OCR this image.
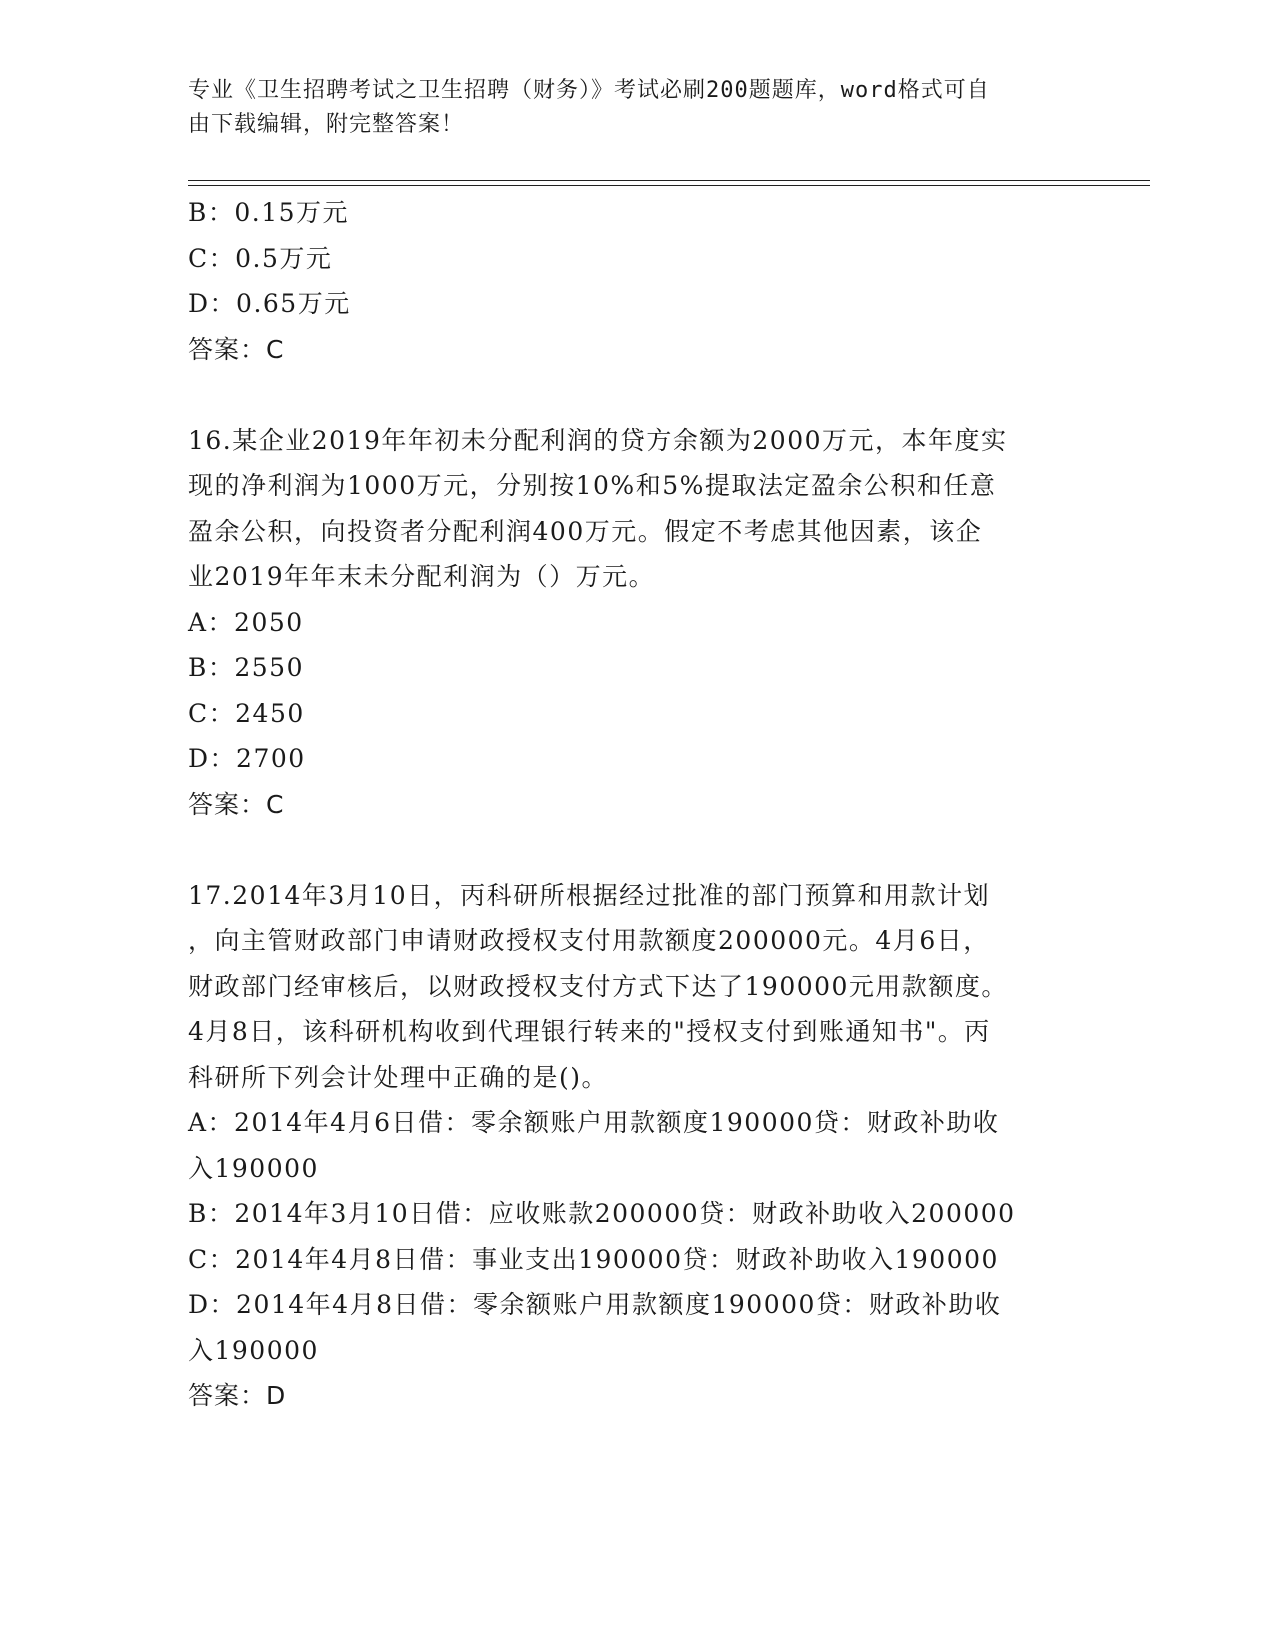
专业《卫生招聘考试之卫生招聘（财务）》考试必刷200题题库，word格式可自
由下载编辑，附完整答案！
B：0.15万元
C：0.5万元
D：0.65万元
答案：C
16.某企业2019年年初未分配利润的贷方余额为2000万元，本年度实
现的净利润为1000万元，分别按10%和5%提取法定盈余公积和任意
盈余公积，向投资者分配利润400万元。假定不考虑其他因素，该企
业2019年年末未分配利润为（）万元。
A：2050
B：2550
C：2450
D：2700
答案：C
17.2014年3月10日，丙科研所根据经过批准的部门预算和用款计划
，向主管财政部门申请财政授权支付用款额度200000元。4月6日，
财政部门经审核后，以财政授权支付方式下达了190000元用款额度。
4月8日，该科研机构收到代理银行转来的"授权支付到账通知书"。丙
科研所下列会计处理中正确的是()。
A：2014年4月6日借：零余额账户用款额度190000贷：财政补助收
入190000
B：2014年3月10日借：应收账款200000贷：财政补助收入200000
C：2014年4月8日借：事业支出190000贷：财政补助收入190000
D：2014年4月8日借：零余额账户用款额度190000贷：财政补助收
入190000
答案：D
